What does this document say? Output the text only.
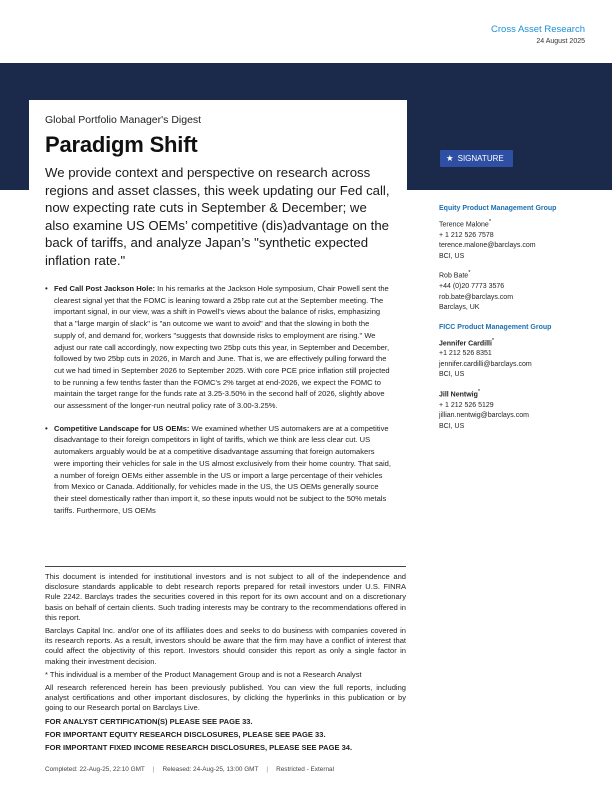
Cross Asset Research
24 August 2025
Global Portfolio Manager's Digest
Paradigm Shift
We provide context and perspective on research across regions and asset classes, this week updating our Fed call, now expecting rate cuts in September & December; we also examine US OEMs’ competitive (dis)advantage on the back of tariffs, and analyze Japan’s "synthetic expected inflation rate."
• Fed Call Post Jackson Hole: In his remarks at the Jackson Hole symposium, Chair Powell sent the clearest signal yet that the FOMC is leaning toward a 25bp rate cut at the September meeting. The important signal, in our view, was a shift in Powell's views about the balance of risks, emphasizing that a "large margin of slack" is "an outcome we want to avoid" and that the slowing in both the supply of, and demand for, workers "suggests that downside risks to employment are rising." We adjust our rate call accordingly, now expecting two 25bp cuts this year, in September and December, followed by two 25bp cuts in 2026, in March and June. That is, we are effectively pulling forward the cut we had timed in September 2026 to September 2025. With core PCE price inflation still projected to be running a few tenths faster than the FOMC's 2% target at end-2026, we expect the FOMC to maintain the target range for the funds rate at 3.25-3.50% in the second half of 2026, slightly above our assessment of the longer-run neutral policy rate of 3.00-3.25%.
• Competitive Landscape for US OEMs: We examined whether US automakers are at a competitive disadvantage to their foreign competitors in light of tariffs, which we think are less clear cut. US automakers arguably would be at a competitive disadvantage assuming that foreign automakers were importing their vehicles for sale in the US almost exclusively from their home country. That said, a number of foreign OEMs either assemble in the US or import a large percentage of their vehicles from Mexico or Canada. Additionally, for vehicles made in the US, the US OEMs generally source their steel domestically rather than import it, so these inputs would not be subject to the 50% metals tariffs. Furthermore, US OEMs
★ SIGNATURE
Equity Product Management Group
Terence Malone*
+ 1 212 526 7578
terence.malone@barclays.com
BCI, US
Rob Bate*
+44 (0)20 7773 3576
rob.bate@barclays.com
Barclays, UK
FICC Product Management Group
Jennifer Cardilli*
+1 212 526 8351
jennifer.cardilli@barclays.com
BCI, US
Jill Nentwig*
+ 1 212 526 5129
jillian.nentwig@barclays.com
BCI, US

This document is intended for institutional investors and is not subject to all of the independence and disclosure standards applicable to debt research reports prepared for retail investors under U.S. FINRA Rule 2242. Barclays trades the securities covered in this report for its own account and on a discretionary basis on behalf of certain clients. Such trading interests may be contrary to the recommendations offered in this report.

Barclays Capital Inc. and/or one of its affiliates does and seeks to do business with companies covered in its research reports. As a result, investors should be aware that the firm may have a conflict of interest that could affect the objectivity of this report. Investors should consider this report as only a single factor in making their investment decision.

* This individual is a member of the Product Management Group and is not a Research Analyst

All research referenced herein has been previously published. You can view the full reports, including analyst certifications and other important disclosures, by clicking the hyperlinks in this publication or by going to our Research portal on Barclays Live.

FOR ANALYST CERTIFICATION(S) PLEASE SEE PAGE 33.

FOR IMPORTANT EQUITY RESEARCH DISCLOSURES, PLEASE SEE PAGE 33.

FOR IMPORTANT FIXED INCOME RESEARCH DISCLOSURES, PLEASE SEE PAGE 34.

Completed: 22-Aug-25, 22:10 GMT | Released: 24-Aug-25, 13:00 GMT | Restricted - External
